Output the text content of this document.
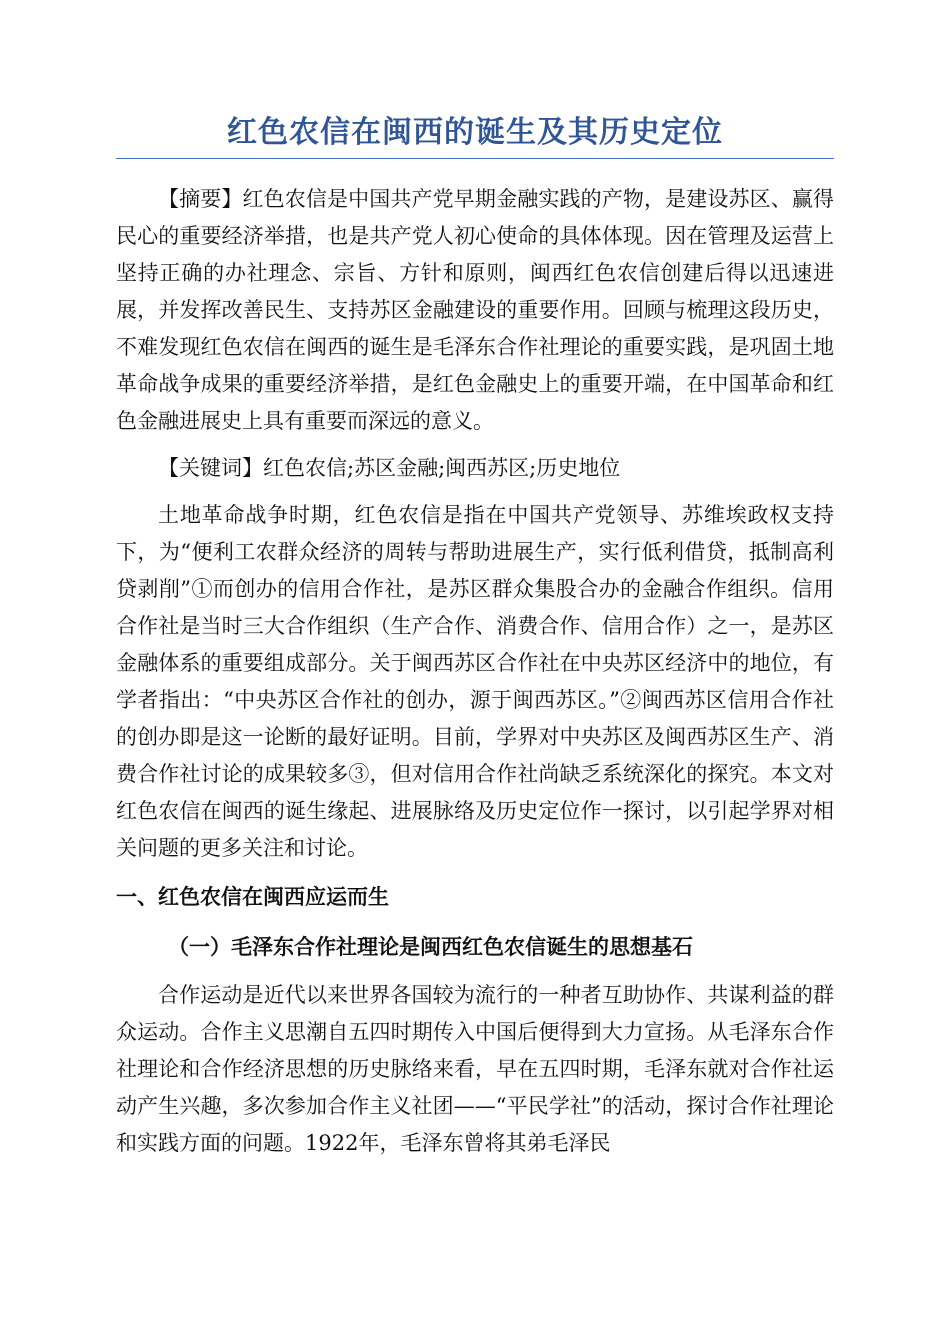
红色农信在闽西的诞生及其历史定位

【摘要】红色农信是中国共产党早期金融实践的产物，是建设苏区、赢得民心的重要经济举措，也是共产党人初心使命的具体体现。因在管理及运营上坚持正确的办社理念、宗旨、方针和原则，闽西红色农信创建后得以迅速进展，并发挥改善民生、支持苏区金融建设的重要作用。回顾与梳理这段历史，不难发现红色农信在闽西的诞生是毛泽东合作社理论的重要实践，是巩固土地革命战争成果的重要经济举措，是红色金融史上的重要开端，在中国革命和红色金融进展史上具有重要而深远的意义。

【关键词】红色农信;苏区金融;闽西苏区;历史地位

土地革命战争时期，红色农信是指在中国共产党领导、苏维埃政权支持下，为“便利工农群众经济的周转与帮助进展生产，实行低利借贷，抵制高利贷剥削”①而创办的信用合作社，是苏区群众集股合办的金融合作组织。信用合作社是当时三大合作组织（生产合作、消费合作、信用合作）之一，是苏区金融体系的重要组成部分。关于闽西苏区合作社在中央苏区经济中的地位，有学者指出：“中央苏区合作社的创办，源于闽西苏区。”②闽西苏区信用合作社的创办即是这一论断的最好证明。目前，学界对中央苏区及闽西苏区生产、消费合作社讨论的成果较多③，但对信用合作社尚缺乏系统深化的探究。本文对红色农信在闽西的诞生缘起、进展脉络及历史定位作一探讨，以引起学界对相关问题的更多关注和讨论。

一、红色农信在闽西应运而生
（一）毛泽东合作社理论是闽西红色农信诞生的思想基石

合作运动是近代以来世界各国较为流行的一种者互助协作、共谋利益的群众运动。合作主义思潮自五四时期传入中国后便得到大力宣扬。从毛泽东合作社理论和合作经济思想的历史脉络来看，早在五四时期，毛泽东就对合作社运动产生兴趣，多次参加合作主义社团——“平民学社”的活动，探讨合作社理论和实践方面的问题。1922年，毛泽东曾将其弟毛泽民
